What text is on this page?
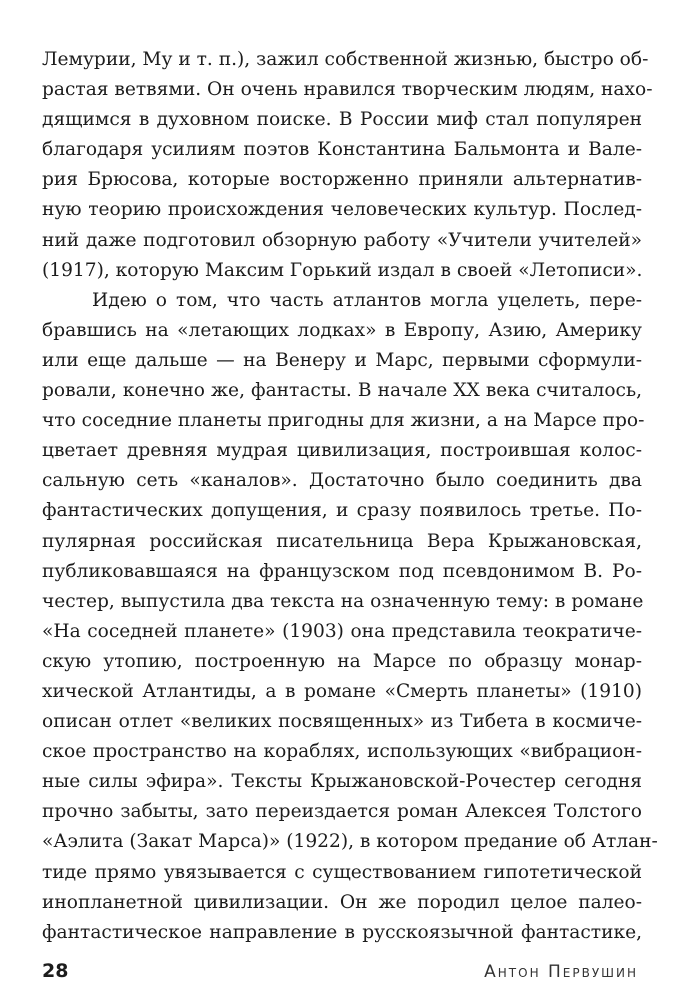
Лемурии, Му и т. п.), зажил собственной жизнью, быстро об-
растая ветвями. Он очень нравился творческим людям, нахо-
дящимся в духовном поиске. В России миф стал популярен
благодаря усилиям поэтов Константина Бальмонта и Вале-
рия Брюсова, которые восторженно приняли альтернатив-
ную теорию происхождения человеческих культур. Послед-
ний даже подготовил обзорную работу «Учители учителей»
(1917), которую Максим Горький издал в своей «Летописи».
Идею о том, что часть атлантов могла уцелеть, пере-
бравшись на «летающих лодках» в Европу, Азию, Америку
или еще дальше — на Венеру и Марс, первыми сформули-
ровали, конечно же, фантасты. В начале XX века считалось,
что соседние планеты пригодны для жизни, а на Марсе про-
цветает древняя мудрая цивилизация, построившая колос-
сальную сеть «каналов». Достаточно было соединить два
фантастических допущения, и сразу появилось третье. По-
пулярная российская писательница Вера Крыжановская,
публиковавшаяся на французском под псевдонимом В. Ро-
честер, выпустила два текста на означенную тему: в романе
«На соседней планете» (1903) она представила теократиче-
скую утопию, построенную на Марсе по образцу монар-
хической Атлантиды, а в романе «Смерть планеты» (1910)
описан отлет «великих посвященных» из Тибета в космиче-
ское пространство на кораблях, использующих «вибрацион-
ные силы эфира». Тексты Крыжановской-Рочестер сегодня
прочно забыты, зато переиздается роман Алексея Толстого
«Аэлита (Закат Марса)» (1922), в котором предание об Атлан-
тиде прямо увязывается с существованием гипотетической
инопланетной цивилизации. Он же породил целое палео-
фантастическое направление в русскоязычной фантастике,
28	Антон Первушин
